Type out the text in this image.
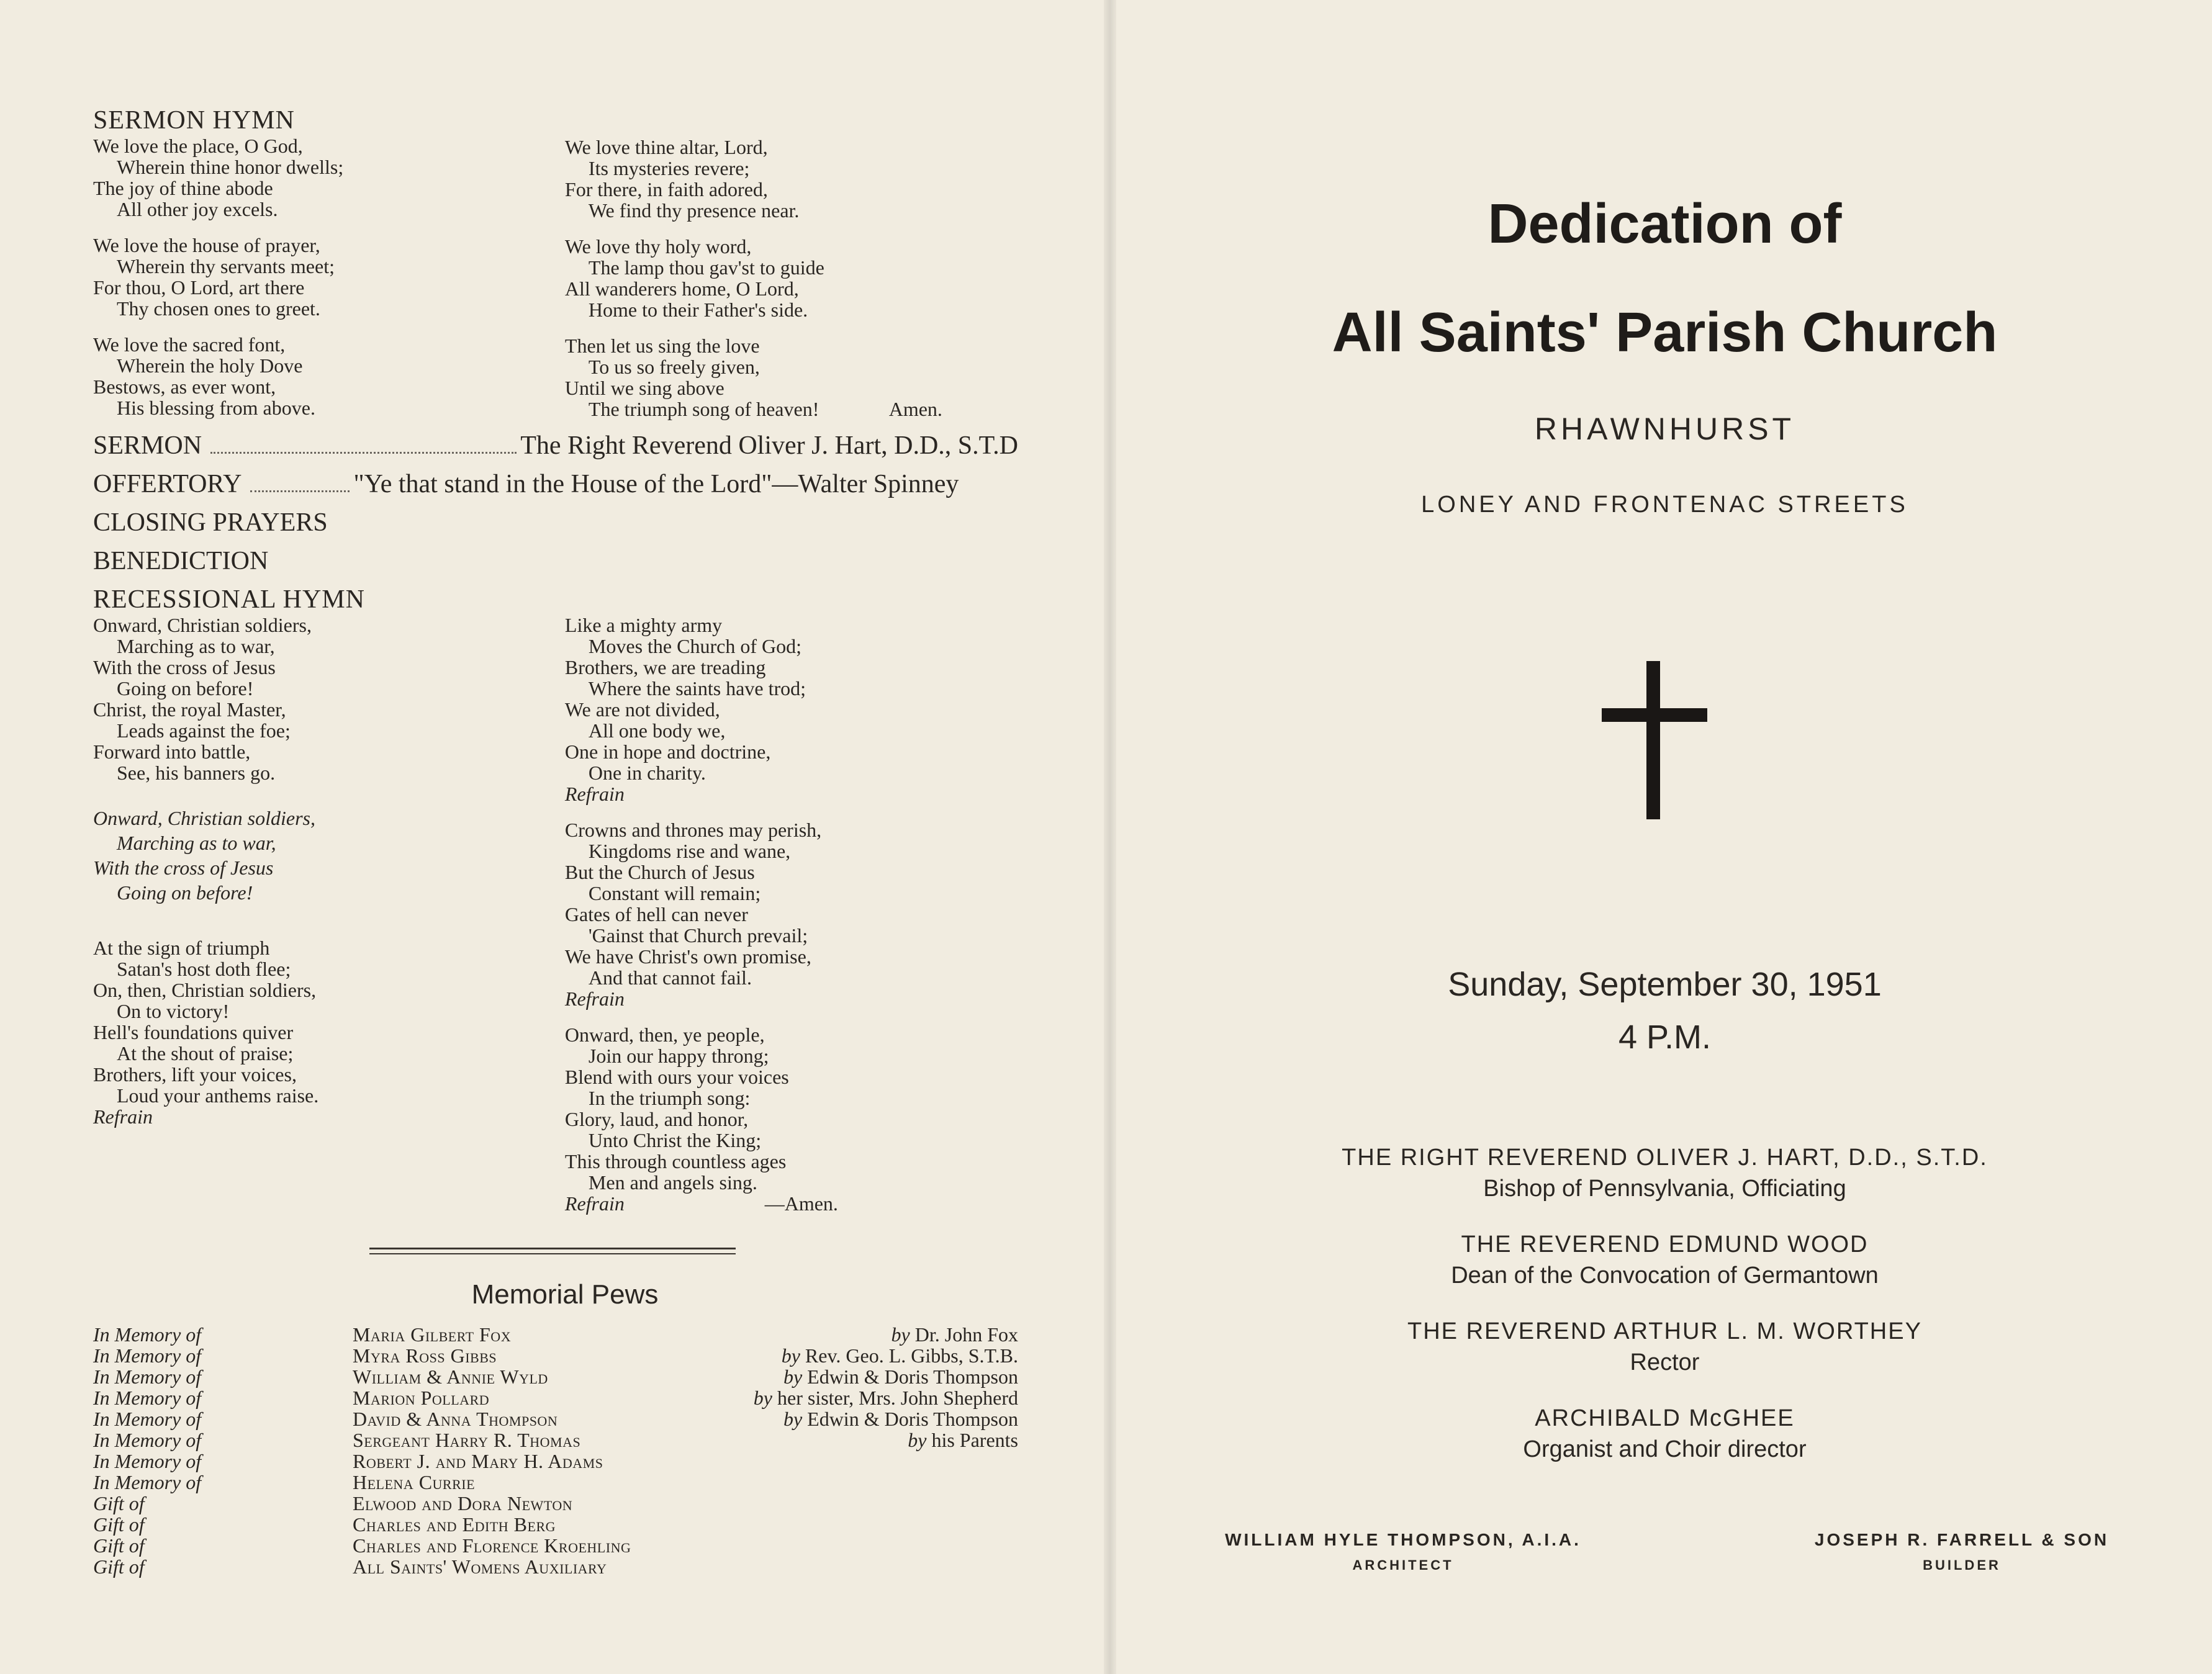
SERMON HYMN

We love the place, O God,
Wherein thine honor dwells;
The joy of thine abode
All other joy excels.
We love the house of prayer,
Wherein thy servants meet;
For thou, O Lord, art there
Thy chosen ones to greet.
We love the sacred font,
Wherein the holy Dove
Bestows, as ever wont,
His blessing from above.
We love thine altar, Lord,
Its mysteries revere;
For there, in faith adored,
We find thy presence near.
We love thy holy word,
The lamp thou gav'st to guide
All wanderers home, O Lord,
Home to their Father's side.
Then let us sing the love
To us so freely given,
Until we sing above
The triumph song of heaven!	Amen.
SERMON	The Right Reverend Oliver J. Hart, D.D., S.T.D
OFFERTORY	"Ye that stand in the House of the Lord"—Walter Spinney
CLOSING PRAYERS
BENEDICTION

RECESSIONAL HYMN

Onward, Christian soldiers,
Marching as to war,
With the cross of Jesus
Going on before!
Christ, the royal Master,
Leads against the foe;
Forward into battle,
See, his banners go.
Onward, Christian soldiers,
Marching as to war,
With the cross of Jesus
Going on before!
At the sign of triumph
Satan's host doth flee;
On, then, Christian soldiers,
On to victory!
Hell's foundations quiver
At the shout of praise;
Brothers, lift your voices,
Loud your anthems raise.
Refrain
Like a mighty army
Moves the Church of God;
Brothers, we are treading
Where the saints have trod;
We are not divided,
All one body we,
One in hope and doctrine,
One in charity.
Refrain
Crowns and thrones may perish,
Kingdoms rise and wane,
But the Church of Jesus
Constant will remain;
Gates of hell can never
'Gainst that Church prevail;
We have Christ's own promise,
And that cannot fail.
Refrain
Onward, then, ye people,
Join our happy throng;
Blend with ours your voices
In the triumph song:
Glory, laud, and honor,
Unto Christ the King;
This through countless ages
Men and angels sing.
Refrain	—Amen.

Memorial Pews

In Memory of	Maria Gilbert Fox	by Dr. John Fox
In Memory of	Myra Ross Gibbs	by Rev. Geo. L. Gibbs, S.T.B.
In Memory of	William & Annie Wyld	by Edwin & Doris Thompson
In Memory of	Marion Pollard	by her sister, Mrs. John Shepherd
In Memory of	David & Anna Thompson	by Edwin & Doris Thompson
In Memory of	Sergeant Harry R. Thomas	by his Parents
In Memory of	Robert J. and Mary H. Adams
In Memory of	Helena Currie
Gift of	Elwood and Dora Newton
Gift of	Charles and Edith Berg
Gift of	Charles and Florence Kroehling
Gift of	All Saints' Womens Auxiliary
Dedication of
All Saints' Parish Church
RHAWNHURST
LONEY AND FRONTENAC STREETS
Sunday, September 30, 1951
4 P.M.
THE RIGHT REVEREND OLIVER J. HART, D.D., S.T.D.
Bishop of Pennsylvania, Officiating
THE REVEREND EDMUND WOOD
Dean of the Convocation of Germantown
THE REVEREND ARTHUR L. M. WORTHEY
Rector
ARCHIBALD McGHEE
Organist and Choir director
WILLIAM HYLE THOMPSON, A.I.A.
ARCHITECT
JOSEPH R. FARRELL & SON
BUILDER
